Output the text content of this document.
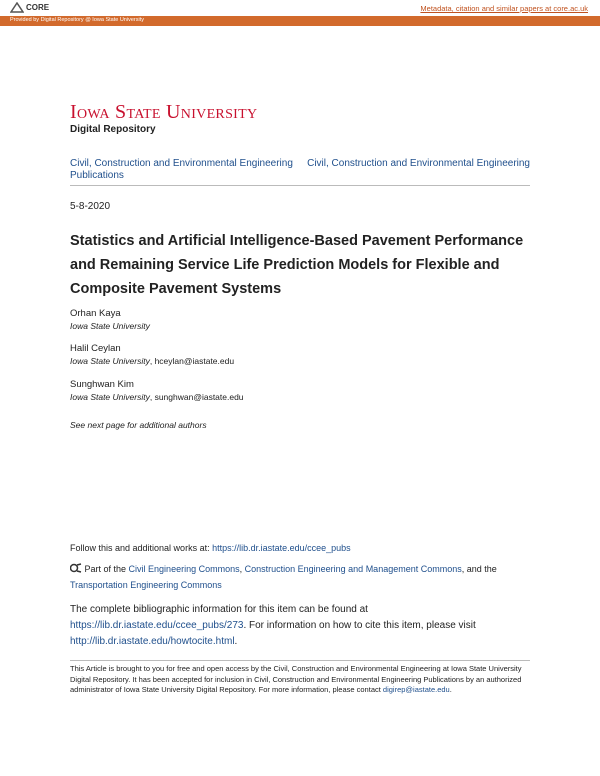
CORE	Metadata, citation and similar papers at core.ac.uk
Provided by Digital Repository @ Iowa State University
Iowa State University
Digital Repository
Civil, Construction and Environmental Engineering Publications
Civil, Construction and Environmental Engineering
5-8-2020
Statistics and Artificial Intelligence-Based Pavement Performance and Remaining Service Life Prediction Models for Flexible and Composite Pavement Systems
Orhan Kaya
Iowa State University
Halil Ceylan
Iowa State University, hceylan@iastate.edu
Sunghwan Kim
Iowa State University, sunghwan@iastate.edu
See next page for additional authors
Follow this and additional works at: https://lib.dr.iastate.edu/ccee_pubs
Part of the Civil Engineering Commons, Construction Engineering and Management Commons, and the Transportation Engineering Commons
The complete bibliographic information for this item can be found at https://lib.dr.iastate.edu/ccee_pubs/273. For information on how to cite this item, please visit http://lib.dr.iastate.edu/howtocite.html.
This Article is brought to you for free and open access by the Civil, Construction and Environmental Engineering at Iowa State University Digital Repository. It has been accepted for inclusion in Civil, Construction and Environmental Engineering Publications by an authorized administrator of Iowa State University Digital Repository. For more information, please contact digirep@iastate.edu.
